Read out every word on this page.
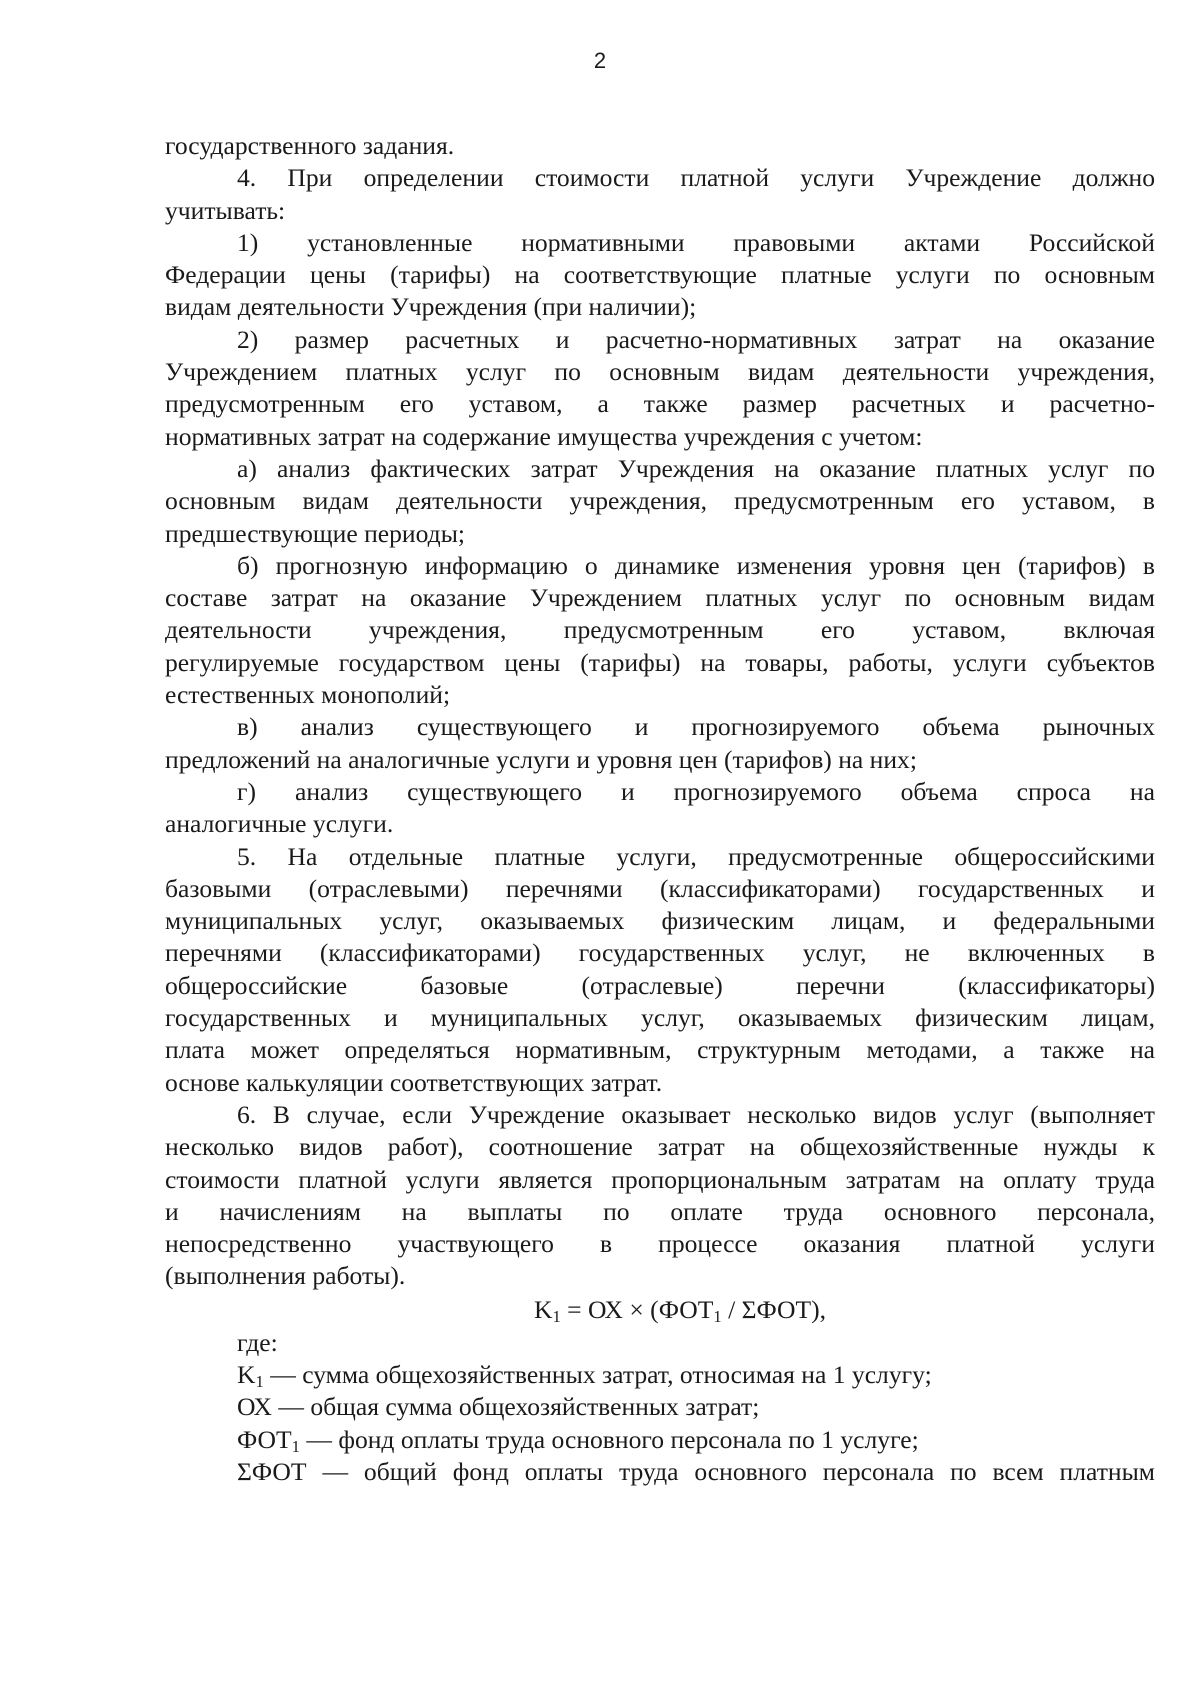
2
государственного задания.
4. При определении стоимости платной услуги Учреждение должно
учитывать:
1) установленные нормативными правовыми актами Российской
Федерации цены (тарифы) на соответствующие платные услуги по основным
видам деятельности Учреждения (при наличии);
2) размер расчетных и расчетно-нормативных затрат на оказание
Учреждением платных услуг по основным видам деятельности учреждения,
предусмотренным его уставом, а также размер расчетных и расчетно-
нормативных затрат на содержание имущества учреждения с учетом:
а) анализ фактических затрат Учреждения на оказание платных услуг по
основным видам деятельности учреждения, предусмотренным его уставом, в
предшествующие периоды;
б) прогнозную информацию о динамике изменения уровня цен (тарифов) в
составе затрат на оказание Учреждением платных услуг по основным видам
деятельности учреждения, предусмотренным его уставом, включая
регулируемые государством цены (тарифы) на товары, работы, услуги субъектов
естественных монополий;
в) анализ существующего и прогнозируемого объема рыночных
предложений на аналогичные услуги и уровня цен (тарифов) на них;
г) анализ существующего и прогнозируемого объема спроса на
аналогичные услуги.
5. На отдельные платные услуги, предусмотренные общероссийскими
базовыми (отраслевыми) перечнями (классификаторами) государственных и
муниципальных услуг, оказываемых физическим лицам, и федеральными
перечнями (классификаторами) государственных услуг, не включенных в
общероссийские базовые (отраслевые) перечни (классификаторы)
государственных и муниципальных услуг, оказываемых физическим лицам,
плата может определяться нормативным, структурным методами, а также на
основе калькуляции соответствующих затрат.
6. В случае, если Учреждение оказывает несколько видов услуг (выполняет
несколько видов работ), соотношение затрат на общехозяйственные нужды к
стоимости платной услуги является пропорциональным затратам на оплату труда
и начислениям на выплаты по оплате труда основного персонала,
непосредственно участвующего в процессе оказания платной услуги
(выполнения работы).
$K_1$ = ОХ × $(ФОТ_1 / \Sigma ФОТ)$,
где:
$K_1$ — сумма общехозяйственных затрат, относимая на 1 услугу;
ОХ — общая сумма общехозяйственных затрат;
$ФОТ_1$ — фонд оплаты труда основного персонала по 1 услуге;
ΣФОТ — общий фонд оплаты труда основного персонала по всем платным
